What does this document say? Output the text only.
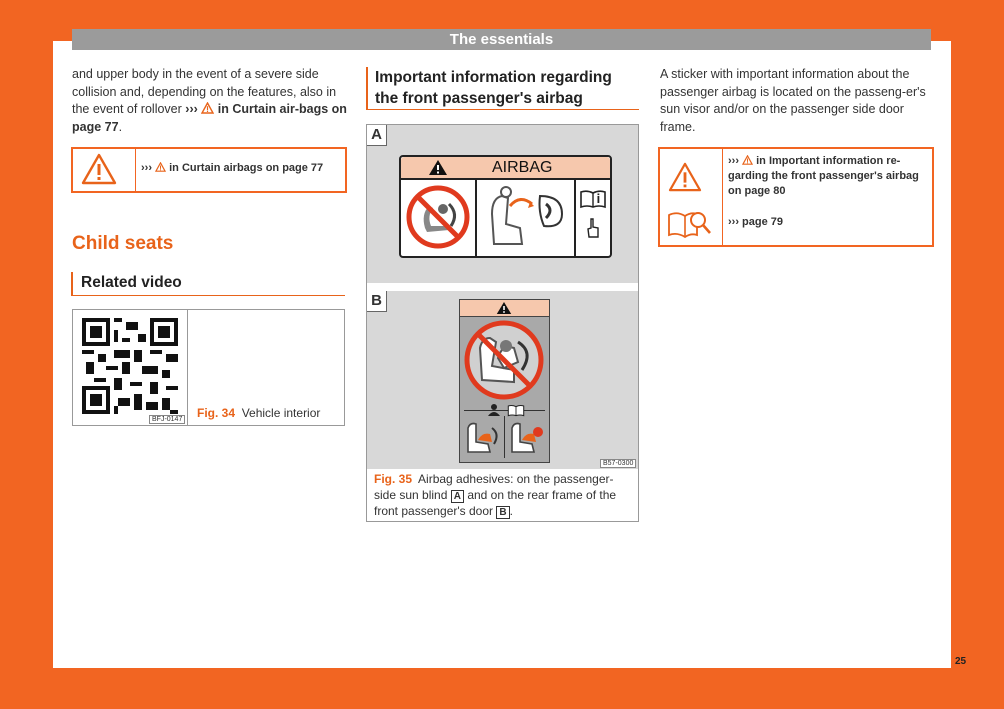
The essentials
and upper body in the event of a severe side collision and, depending on the features, also in the event of rollover ››› in Curtain air-bags on page 77.
››› in Curtain airbags on page 77
Child seats
Related video
BFJ-0147 Fig. 34 Vehicle interior
Important information regarding
the front passenger's airbag
A
AIRBAG
B
B57-0300
Fig. 35 Airbag adhesives: on the passenger-side sun blind A and on the rear frame of the front passenger's door B .
A sticker with important information about the passenger airbag is located on the passeng-er's sun visor and/or on the passenger side door frame.
››› in Important information re-garding the front passenger's airbag on page 80
››› page 79
25
